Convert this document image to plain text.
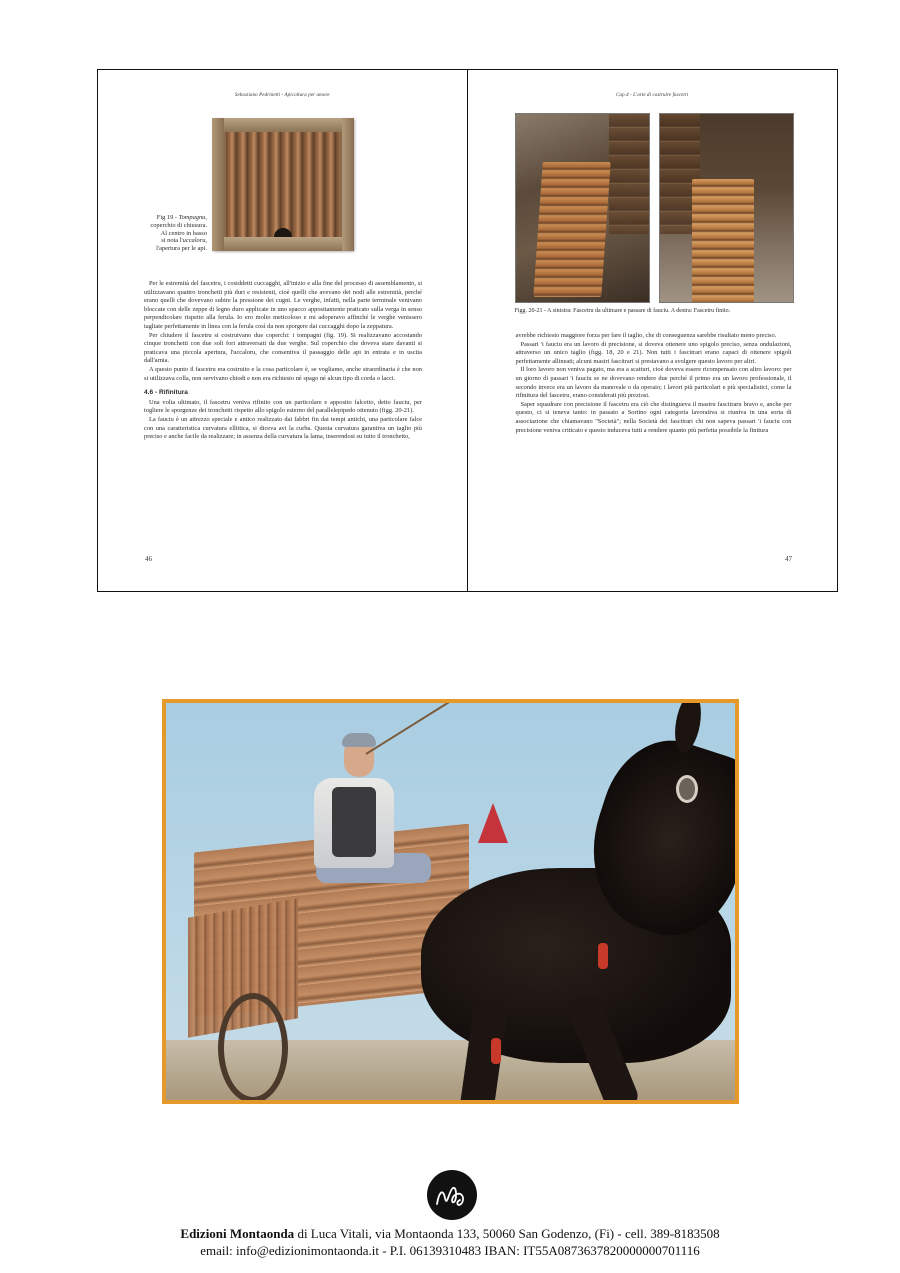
Sebastiano Pedrinetti - Apicoltura per amore
Fig 19 - Tompagnu,
coperchio di chiusura.
Al centro in basso
si nota l'uccaloru,
l'apertura per le api.

Per le estremità del fascetru, i cosiddetti cuccagghi, all'inizio e alla fine del processo di assemblamento, si utilizzavano quattro tronchetti più duri e resistenti, cioè quelli che avevano dei nodi alle estremità, perché erano quelli che dovevano subire la pressione dei cugni. Le verghe, infatti, nella parte terminale venivano bloccate con delle zeppe di legno duro applicate in uno spacco appositamente praticato sulla verga in senso perpendicolare rispetto alla ferula. Io ero molto meticoloso e mi adoperavo affinché le verghe venissero tagliate perfettamente in linea con la ferula così da non sporgere dai cuccagghi dopo la zeppatura.

Per chiudere il fascetru si costruivano due coperchi: i tompagni (fig. 19). Si realizzavano accostando cinque tronchetti con due soli fori attraversati da due verghe. Sul coperchio che doveva stare davanti si praticava una piccola apertura, l'uccaloru, che consentiva il passaggio delle api in entrata e in uscita dall'arnia.

A questo punto il fascetru era costruito e la cosa particolare è, se vogliamo, anche straordinaria è che non si utilizzava colla, non servivano chiodi e non era richiesto né spago né alcun tipo di corda o lacci.

4.6 - Rifinitura

Una volta ultimato, il fascetru veniva rifinito con un particolare e apposito falcetto, detto fauciu, per togliere le sporgenze dei tronchetti rispetto allo spigolo esterno del parallelepipedo ottenuto (figg. 20-21).

La fauciu è un attrezzo speciale e antico realizzato dai fabbri fin dai tempi antichi, una particolare falce con una caratteristica curvatura ellittica, si diceva avi la curba. Questa curvatura garantiva un taglio più preciso e anche facile da realizzare; in assenza della curvatura la lama, inserendosi su tutto il tronchetto,

46
Cap.4 - L'arte di costruire fascetri
Figg. 20-21 - A sinistra: Fascetru da ultimare e passare di fauciu. A destra: Fascetru finito.

avrebbe richiesto maggiore forza per fare il taglio, che di conseguenza sarebbe risultato meno preciso.

Passari 'i fauciu era un lavoro di precisione, si doveva ottenere uno spigolo preciso, senza ondulazioni, attraverso un unico taglio (figg. 18, 20 e 21). Non tutti i fascitrari erano capaci di ottenere spigoli perfettamente allineati; alcuni mastri fascitrari si prestavano a svolgere questo lavoro per altri.

Il loro lavoro non veniva pagato, ma era a scatturi, cioè doveva essere ricompensato con altro lavoro: per un giorno di passari 'i fauciu se ne dovevano rendere due perché il primo era un lavoro professionale, il secondo invece era un lavoro da manovale o da operaio; i lavori più particolari e più specialistici, come la rifinitura del fascetru, erano considerati più preziosi.

Saper squadrare con precisione il fascetru era ciò che distingueva il mastru fascitraru bravo e, anche per questo, ci si teneva tanto: in passato a Sortino ogni categoria lavorativa si riuniva in una sorta di associazione che chiamavano "Società"; nella Società dei fascitrari chi non sapeva passari 'i fauciu con precisione veniva criticato e questo induceva tutti a rendere quanto più perfetta possibile la finitura

47
Edizioni Montaonda di Luca Vitali, via Montaonda 133, 50060 San Godenzo, (Fi) - cell. 389-8183508
email: info@edizionimontaonda.it - P.I. 06139310483 IBAN: IT55A0873637820000000701116
